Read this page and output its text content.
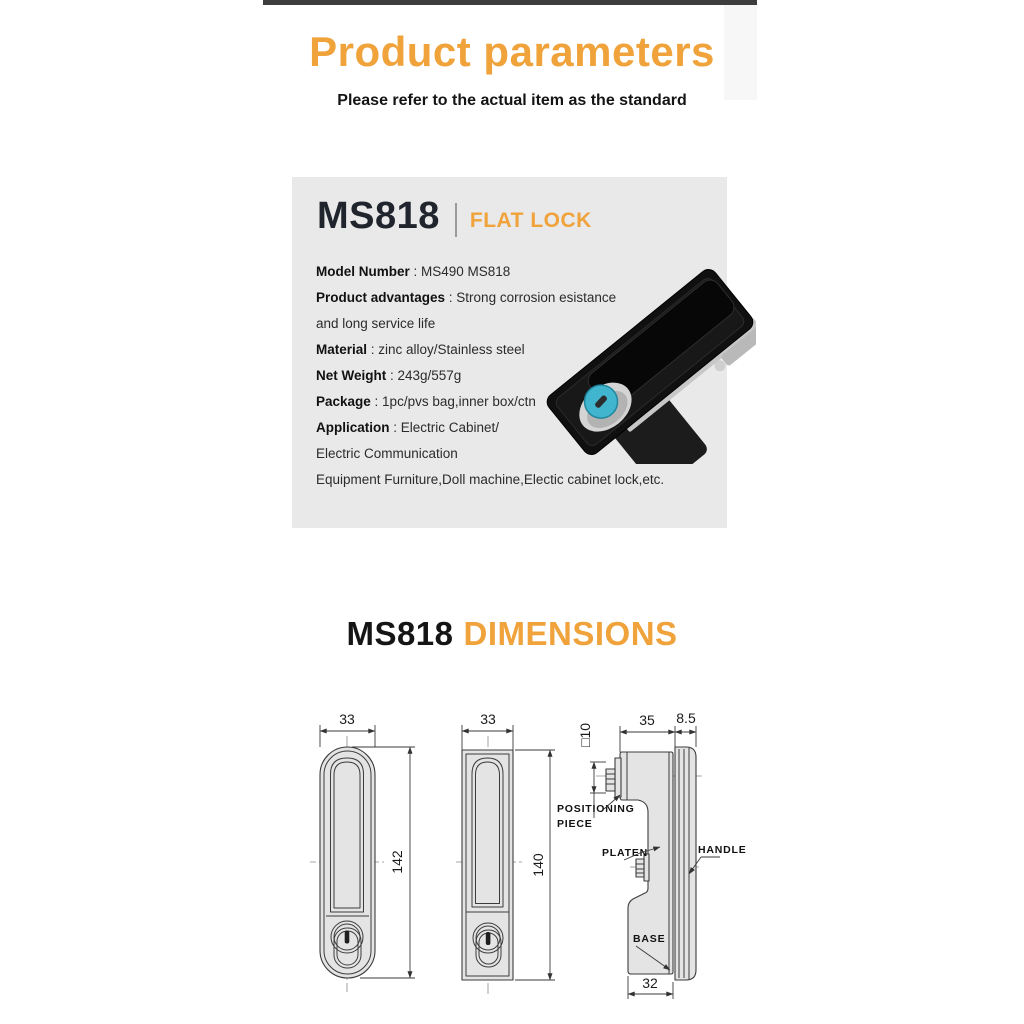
Product parameters
Please refer to the actual item as the standard
MS818 FLAT LOCK
Model Number : MS490 MS818
Product advantages : Strong corrosion esistance
and long service life
Material : zinc alloy/Stainless steel
Net Weight : 243g/557g
Package : 1pc/pvs bag,inner box/ctn
Application : Electric Cabinet/
Electric Communication
Equipment Furniture,Doll machine,Electic cabinet lock,etc.
MS818 DIMENSIONS
33
142
33
140
□10
35 8.5
32
POSITIONING
PIECE
PLATEN	HANDLE
BASE
